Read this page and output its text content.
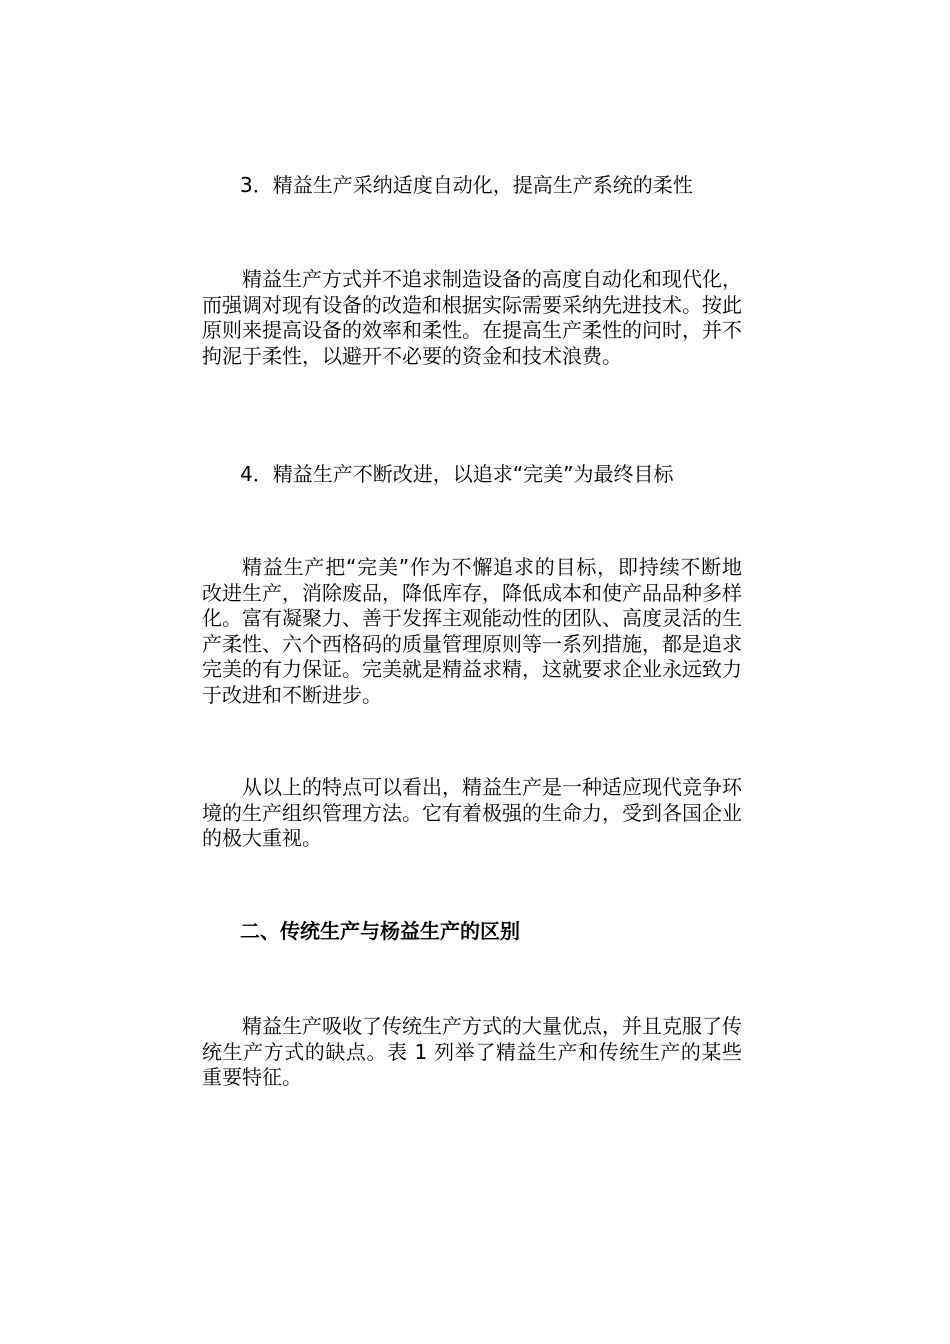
3．精益生产采纳适度自动化，提高生产系统的柔性

精益生产方式并不追求制造设备的高度自动化和现代化，而强调对现有设备的改造和根据实际需要采纳先进技术。按此原则来提高设备的效率和柔性。在提高生产柔性的问时，并不拘泥于柔性，以避开不必要的资金和技术浪费。

4．精益生产不断改进，以追求“完美”为最终目标

精益生产把“完美”作为不懈追求的目标，即持续不断地改进生产，消除废品，降低库存，降低成本和使产品品种多样化。富有凝聚力、善于发挥主观能动性的团队、高度灵活的生产柔性、六个西格码的质量管理原则等一系列措施，都是追求完美的有力保证。完美就是精益求精，这就要求企业永远致力于改进和不断进步。

从以上的特点可以看出，精益生产是一种适应现代竞争环境的生产组织管理方法。它有着极强的生命力，受到各国企业的极大重视。

二、传统生产与杨益生产的区别

精益生产吸收了传统生产方式的大量优点，并且克服了传统生产方式的缺点。表 1 列举了精益生产和传统生产的某些重要特征。
